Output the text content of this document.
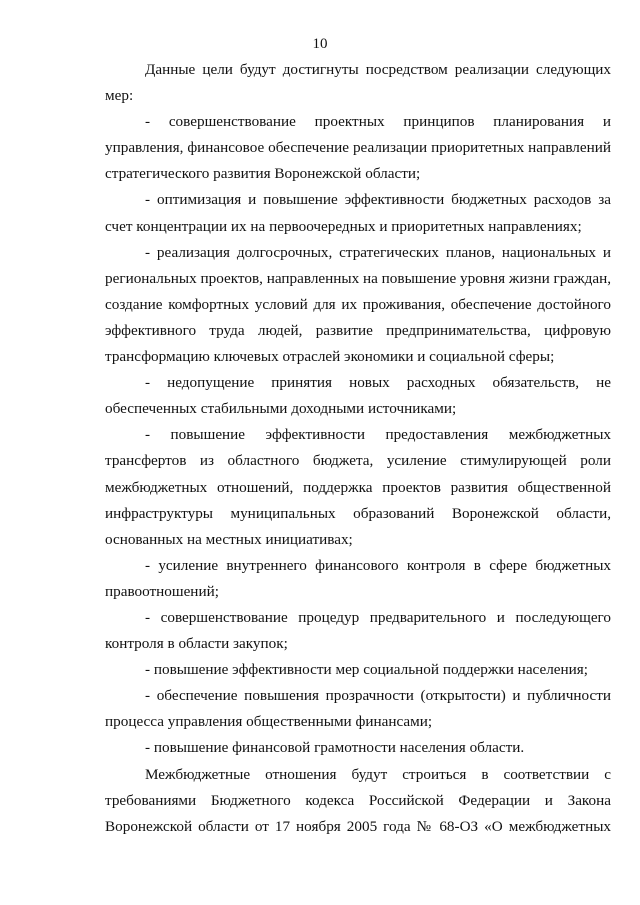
10

Данные цели будут достигнуты посредством реализации следующих мер:

- совершенствование проектных принципов планирования и управления, финансовое обеспечение реализации приоритетных направлений стратегического развития Воронежской области;

- оптимизация и повышение эффективности бюджетных расходов за счет концентрации их на первоочередных и приоритетных направлениях;

- реализация долгосрочных, стратегических планов, национальных и региональных проектов, направленных на повышение уровня жизни граждан, создание комфортных условий для их проживания, обеспечение достойного эффективного труда людей, развитие предпринимательства, цифровую трансформацию ключевых отраслей экономики и социальной сферы;

- недопущение принятия новых расходных обязательств, не обеспеченных стабильными доходными источниками;

- повышение эффективности предоставления межбюджетных трансфертов из областного бюджета, усиление стимулирующей роли межбюджетных отношений, поддержка проектов развития общественной инфраструктуры муниципальных образований Воронежской области, основанных на местных инициативах;

- усиление внутреннего финансового контроля в сфере бюджетных правоотношений;

- совершенствование процедур предварительного и последующего контроля в области закупок;

- повышение эффективности мер социальной поддержки населения;

- обеспечение повышения прозрачности (открытости) и публичности процесса управления общественными финансами;

- повышение финансовой грамотности населения области.

Межбюджетные отношения будут строиться в соответствии с требованиями Бюджетного кодекса Российской Федерации и Закона Воронежской области от 17 ноября 2005 года № 68-ОЗ «О межбюджетных
